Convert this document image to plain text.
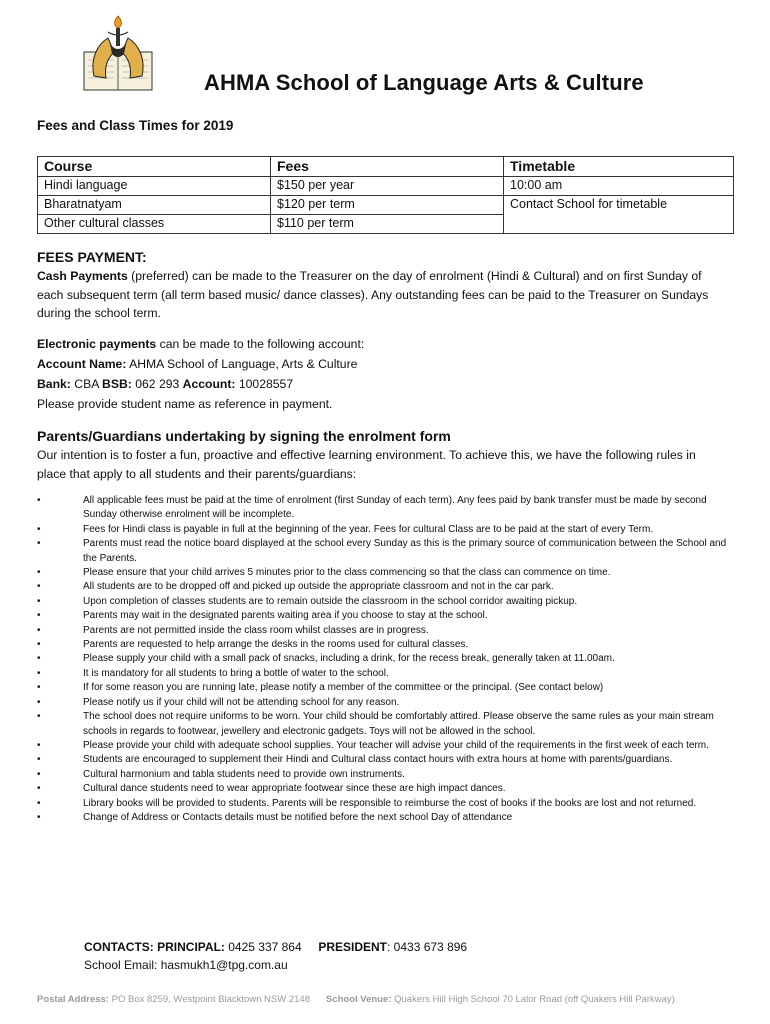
AHMA School of Language Arts & Culture
Fees and Class Times for 2019
Course	Fees	Timetable
Hindi language	$150 per year	10:00 am
Bharatnatyam	$120 per term	Contact School for timetable
Other cultural classes	$110 per term	
FEES PAYMENT:
Cash Payments (preferred) can be made to the Treasurer on the day of enrolment (Hindi & Cultural) and on first Sunday of each subsequent term (all term based music/ dance classes). Any outstanding fees can be paid to the Treasurer on Sundays during the school term.
Electronic payments can be made to the following account:
Account Name: AHMA School of Language, Arts & Culture
Bank: CBA BSB: 062 293 Account: 10028557
Please provide student name as reference in payment.
Parents/Guardians undertaking by signing the enrolment form
Our intention is to foster a fun, proactive and effective learning environment. To achieve this, we have the following rules in place that apply to all students and their parents/guardians:
•	All applicable fees must be paid at the time of enrolment (first Sunday of each term). Any fees paid by bank transfer must be made by second Sunday otherwise enrolment will be incomplete.
•	Fees for Hindi class is payable in full at the beginning of the year. Fees for cultural Class are to be paid at the start of every Term.
•	Parents must read the notice board displayed at the school every Sunday as this is the primary source of communication between the School and the Parents.
•	Please ensure that your child arrives 5 minutes prior to the class commencing so that the class can commence on time.
•	All students are to be dropped off and picked up outside the appropriate classroom and not in the car park.
•	Upon completion of classes students are to remain outside the classroom in the school corridor awaiting pickup.
•	Parents may wait in the designated parents waiting area if you choose to stay at the school.
•	Parents are not permitted inside the class room whilst classes are in progress.
•	Parents are requested to help arrange the desks in the rooms used for cultural classes.
•	Please supply your child with a small pack of snacks, including a drink, for the recess break, generally taken at 11.00am.
•	It is mandatory for all students to bring a bottle of water to the school.
•	If for some reason you are running late, please notify a member of the committee or the principal. (See contact below)
•	Please notify us if your child will not be attending school for any reason.
•	The school does not require uniforms to be worn. Your child should be comfortably attired. Please observe the same rules as your main stream schools in regards to footwear, jewellery and electronic gadgets. Toys will not be allowed in the school.
•	Please provide your child with adequate school supplies. Your teacher will advise your child of the requirements in the first week of each term.
•	Students are encouraged to supplement their Hindi and Cultural class contact hours with extra hours at home with parents/guardians.
•	Cultural harmonium and tabla students need to provide own instruments.
•	Cultural dance students need to wear appropriate footwear since these are high impact dances.
•	Library books will be provided to students. Parents will be responsible to reimburse the cost of books if the books are lost and not returned.
•	Change of Address or Contacts details must be notified before the next school Day of attendance
CONTACTS: PRINCIPAL: 0425 337 864 PRESIDENT: 0433 673 896
School Email: hasmukh1@tpg.com.au
Postal Address: PO Box 8259, Westpoint Blacktown NSW 2148 School Venue: Quakers Hill High School 70 Lalor Road (off Quakers Hill Parkway)
